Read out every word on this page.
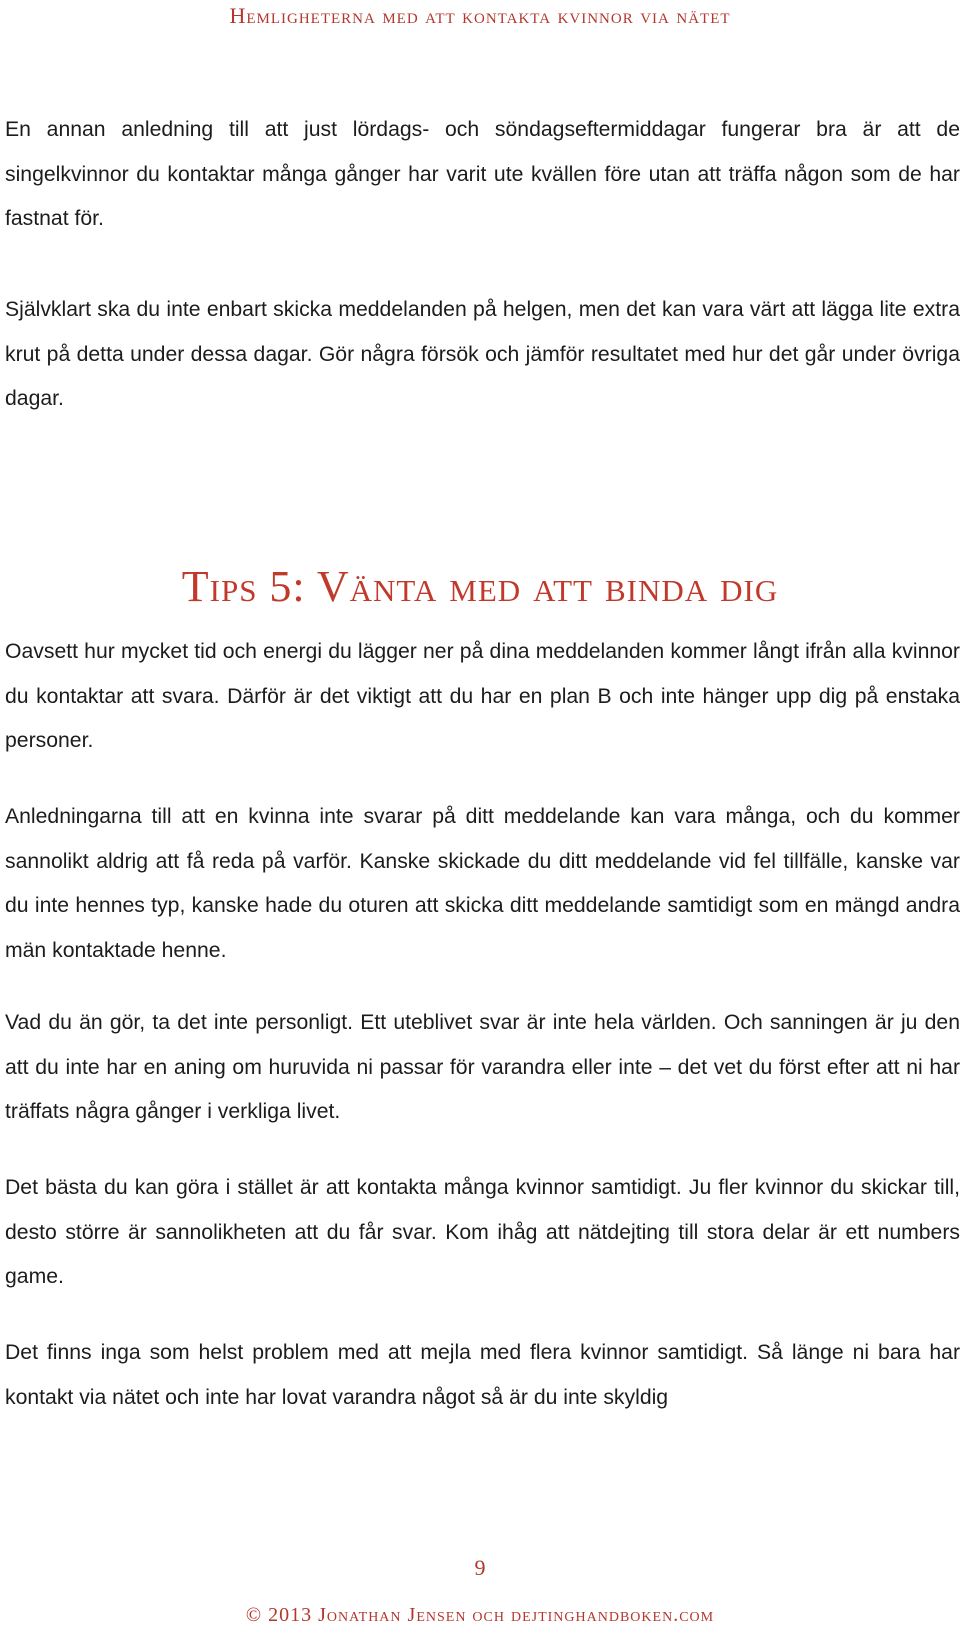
Hemligheterna med att kontakta kvinnor via nätet

En annan anledning till att just lördags- och söndagseftermiddagar fungerar bra är att de singelkvinnor du kontaktar många gånger har varit ute kvällen före utan att träffa någon som de har fastnat för.

Självklart ska du inte enbart skicka meddelanden på helgen, men det kan vara värt att lägga lite extra krut på detta under dessa dagar. Gör några försök och jämför resultatet med hur det går under övriga dagar.

Tips 5: Vänta med att binda dig

Oavsett hur mycket tid och energi du lägger ner på dina meddelanden kommer långt ifrån alla kvinnor du kontaktar att svara. Därför är det viktigt att du har en plan B och inte hänger upp dig på enstaka personer.

Anledningarna till att en kvinna inte svarar på ditt meddelande kan vara många, och du kommer sannolikt aldrig att få reda på varför. Kanske skickade du ditt meddelande vid fel tillfälle, kanske var du inte hennes typ, kanske hade du oturen att skicka ditt meddelande samtidigt som en mängd andra män kontaktade henne.

Vad du än gör, ta det inte personligt. Ett uteblivet svar är inte hela världen. Och sanningen är ju den att du inte har en aning om huruvida ni passar för varandra eller inte – det vet du först efter att ni har träffats några gånger i verkliga livet.

Det bästa du kan göra i stället är att kontakta många kvinnor samtidigt. Ju fler kvinnor du skickar till, desto större är sannolikheten att du får svar. Kom ihåg att nätdejting till stora delar är ett numbers game.

Det finns inga som helst problem med att mejla med flera kvinnor samtidigt. Så länge ni bara har kontakt via nätet och inte har lovat varandra något så är du inte skyldig

9
© 2013 Jonathan Jensen och dejtinghandboken.com
